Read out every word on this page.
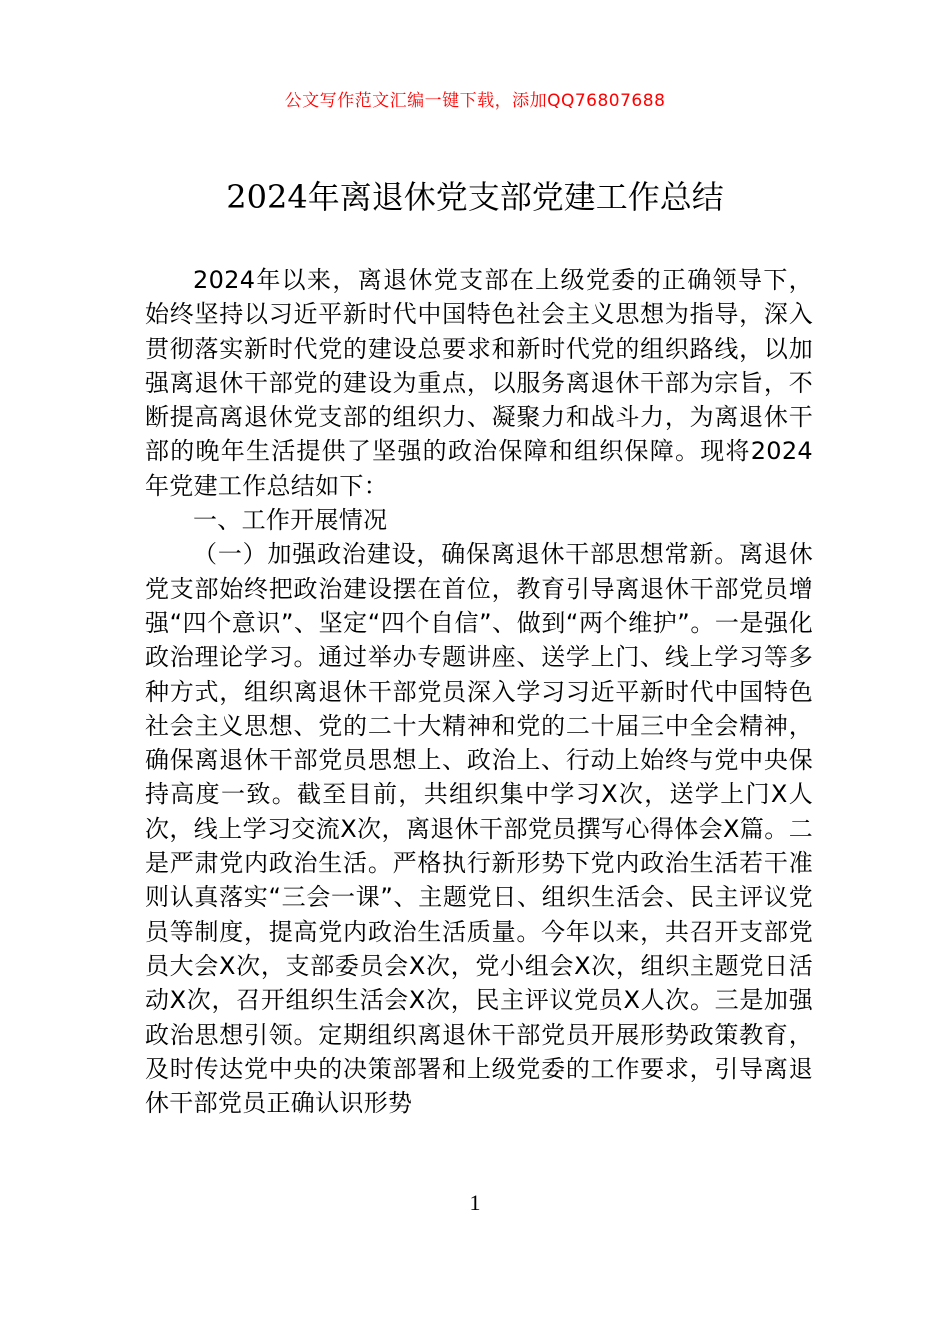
公文写作范文汇编一键下载，添加QQ76807688
2024年离退休党支部党建工作总结

2024年以来，离退休党支部在上级党委的正确领导下，始终坚持以习近平新时代中国特色社会主义思想为指导，深入贯彻落实新时代党的建设总要求和新时代党的组织路线，以加强离退休干部党的建设为重点，以服务离退休干部为宗旨，不断提高离退休党支部的组织力、凝聚力和战斗力，为离退休干部的晚年生活提供了坚强的政治保障和组织保障。现将2024年党建工作总结如下：

一、工作开展情况

（一）加强政治建设，确保离退休干部思想常新。离退休党支部始终把政治建设摆在首位，教育引导离退休干部党员增强“四个意识”、坚定“四个自信”、做到“两个维护”。一是强化政治理论学习。通过举办专题讲座、送学上门、线上学习等多种方式，组织离退休干部党员深入学习习近平新时代中国特色社会主义思想、党的二十大精神和党的二十届三中全会精神，确保离退休干部党员思想上、政治上、行动上始终与党中央保持高度一致。截至目前，共组织集中学习X次，送学上门X人次，线上学习交流X次，离退休干部党员撰写心得体会X篇。二是严肃党内政治生活。严格执行新形势下党内政治生活若干准则认真落实“三会一课”、主题党日、组织生活会、民主评议党员等制度，提高党内政治生活质量。今年以来，共召开支部党员大会X次，支部委员会X次，党小组会X次，组织主题党日活动X次，召开组织生活会X次，民主评议党员X人次。三是加强政治思想引领。定期组织离退休干部党员开展形势政策教育，及时传达党中央的决策部署和上级党委的工作要求，引导离退休干部党员正确认识形势

1
